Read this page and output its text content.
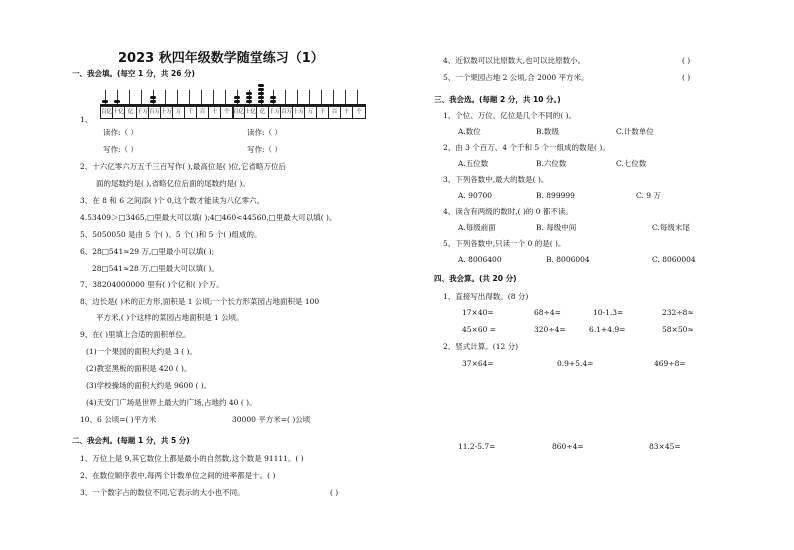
2023 秋四年级数学随堂练习（1）
一、我会填。(每空 1 分，共 26 分)
1、
百亿 十亿 亿 千万 百万 十万 万	千	百	十	个 百亿 十亿 亿 千万 百万 十万 万	千	百	十	个
读作:（ ）	读作:（ ）
写作:（ ）	写作:（ ）
2、十六亿零六万五千三百写作( ),最高位是( )位,它省略万位后
面的尾数约是( ),省略亿位后面的尾数约是( )。
3、在 8 和 6 之间添( )个 0,这个数才能读为八亿零六。
4.53409＞□3465,□里最大可以填( );4□460<44560,□里最大可以填( )。
5、5050050 是由 5 个( )、5 个( )和 5 个( )组成的。
6、28□541≈29 万,□里最小可以填( );
28□541≈28 万,□里最大可以填( )。
7、38204000000 里有( )个亿和( )个万。
8、边长是( )米的正方形,面积是 1 公顷;一个长方形菜园占地面积是 100
平方米,( )个这样的菜园占地面积是 1 公顷。
9、在( )里填上合适的面积单位。
(1)一个果园的面积大约是 3 ( )。
(2)教室黑板的面积是 420 ( )。
(3)学校操场的面积大约是 9600 ( )。
(4)天安门广场是世界上最大的广场,占地约 40 ( )。
10、6 公顷=( )平方米	30000 平方米=( )公顷
二、我会判。(每题 1 分，共 5 分)
1、万位上是 9,其它数位上都是最小的自然数,这个数是 91111。( )
2、在数位顺序表中,每两个计数单位之间的进率都是十。( )
3、一个数字占的数位不同,它表示的大小也不同。	( )
4、近似数可以比原数大,也可以比原数小。	( )
5、一个果园占地 2 公顷,合 2000 平方米。	( )
三、我会选。(每题 2 分，共 10 分。)
1、个位、万位、亿位是几个不同的( )。
A.数位	B.数级	C.计数单位
2、由 3 个百万、4 个千和 5 个一组成的数是( )。
A.五位数	B.六位数	C.七位数
3、下列各数中,最大的数是( )。
A. 90700	B. 899999	C. 9 万
4、读含有两级的数时,( )的 0 都不读。
A.每级前面	B. 每级中间	C.每级末尾
5、下列各数中,只读一个 0 的是( )。
A. 8006400	B. 8006004	C. 8060004
四、我会算。(共 20 分)
1、直接写出得数。(8 分)
17×40=	68÷4=	10-1.3=	232÷8≈
45×60 =	320÷4=	6.1+4.9=	58×50≈
2、竖式计算。(12 分)
37×64=	0.9+5.4=	469÷8=
11.2-5.7=	860÷4=	83×45=
